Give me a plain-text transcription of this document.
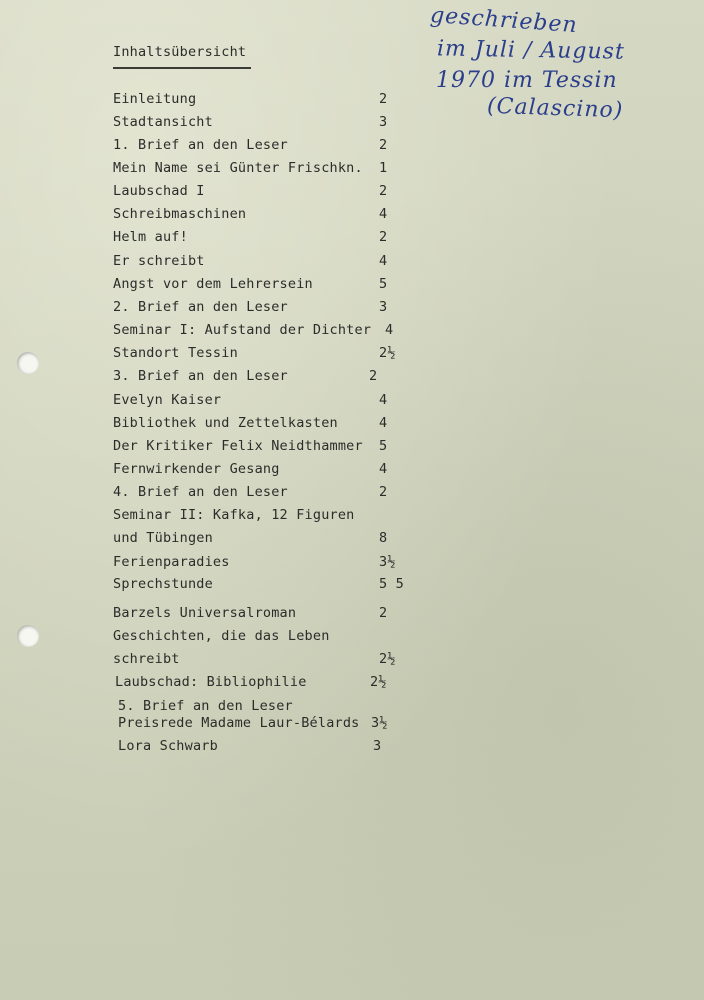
Inhaltsübersicht
geschrieben
im Juli / August
1970 im Tessin
(Calascino)
Einleitung	2
Stadtansicht	3
1. Brief an den Leser	2
Mein Name sei Günter Frischkn. 1
Laubschad I	2
Schreibmaschinen	4
Helm auf!	2
Er schreibt	4
Angst vor dem Lehrersein	5
2. Brief an den Leser	3
Seminar I: Aufstand der Dichter 4
Standort Tessin	2½
3. Brief an den Leser	2
Evelyn Kaiser	4
Bibliothek und Zettelkasten	4
Der Kritiker Felix Neidthammer 5
Fernwirkender Gesang	4
4. Brief an den Leser	2
Seminar II: Kafka, 12 Figuren
und Tübingen	8
Ferienparadies	3½
Sprechstunde	5 5
Barzels Universalroman	2
Geschichten, die das Leben
schreibt	2½
Laubschad: Bibliophilie	2½
5. Brief an den Leser
Preisrede Madame Laur-Bélards 3½
Lora Schwarb	3
